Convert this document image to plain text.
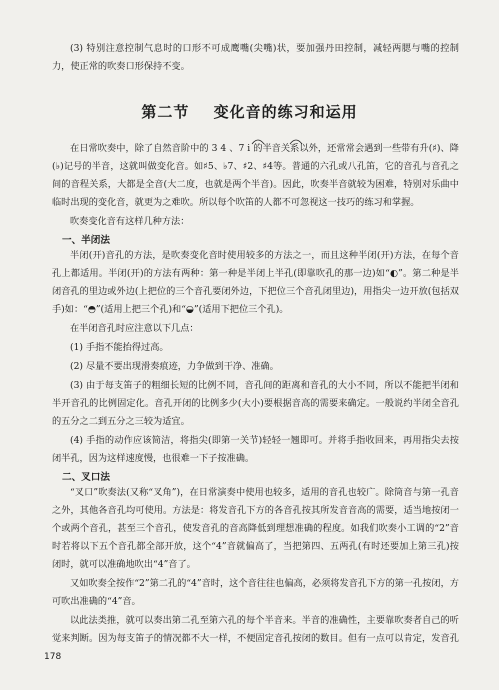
(3) 特别注意控制气息时的口形不可成鹰嘴(尖嘴)状，要加强丹田控制，减轻两腮与嘴的控制力，使正常的吹奏口形保持不变。

第二节 变化音的练习和运用

在日常吹奏中，除了自然音阶中的 3 4 、7 i 的半音关系以外，还常常会遇到一些带有升(♯)、降(♭)记号的半音，这就叫做变化音。如♯5、♭7、♯2、♯4等。普通的六孔或八孔笛，它的音孔与音孔之间的音程关系，大都是全音(大二度，也就是两个半音)。因此，吹奏半音就较为困难，特别对乐曲中临时出现的变化音，就更为之难吹。所以每个吹笛的人都不可忽视这一技巧的练习和掌握。

吹奏变化音有这样几种方法：

一、半闭法

半闭(开)音孔的方法，是吹奏变化音时使用较多的方法之一，而且这种半闭(开)方法，在每个音孔上都适用。半闭(开)的方法有两种：第一种是半闭上半孔(即靠吹孔的那一边)如“◐”。第二种是半闭音孔的里边或外边(上把位的三个音孔要闭外边，下把位三个音孔闭里边)，用指尖一边开放(包括双手)如：“◓”(适用上把三个孔)和“◒”(适用下把位三个孔)。

在半闭音孔时应注意以下几点：

(1) 手指不能抬得过高。

(2) 尽量不要出现滑奏痕迹，力争做到干净、准确。

(3) 由于每支笛子的粗细长短的比例不同，音孔间的距离和音孔的大小不同，所以不能把半闭和半开音孔的比例固定化。音孔开闭的比例多少(大小)要根据音高的需要来确定。一般说约半闭全音孔的五分之二到五分之三较为适宜。

(4) 手指的动作应该简洁，将指尖(即第一关节)轻轻一翘即可。并将手指收回来，再用指尖去按闭半孔，因为这样速度慢，也很难一下子按准确。

二、叉口法

“叉口”吹奏法(又称“叉角”)，在日常演奏中使用也较多，适用的音孔也较广。除筒音与第一孔音之外，其他各音孔均可使用。方法是：将发音孔下方的各音孔按其所发音音高的需要，适当地按闭一个或两个音孔，甚至三个音孔，使发音孔的音高降低到理想准确的程度。如我们吹奏小工调的“2”音时若将以下五个音孔都全部开放，这个“4”音就偏高了，当把第四、五两孔(有时还要加上第三孔)按闭时，就可以准确地吹出“4”音了。

又如吹奏全按作“2”第二孔的“4”音时，这个音往往也偏高，必须将发音孔下方的第一孔按闭，方可吹出准确的“4”音。

以此法类推，就可以奏出第二孔至第六孔的每个半音来。半音的准确性，主要靠吹奏者自己的听觉来判断。因为每支笛子的情况都不大一样，不便固定音孔按闭的数目。但有一点可以肯定，发音孔

178
